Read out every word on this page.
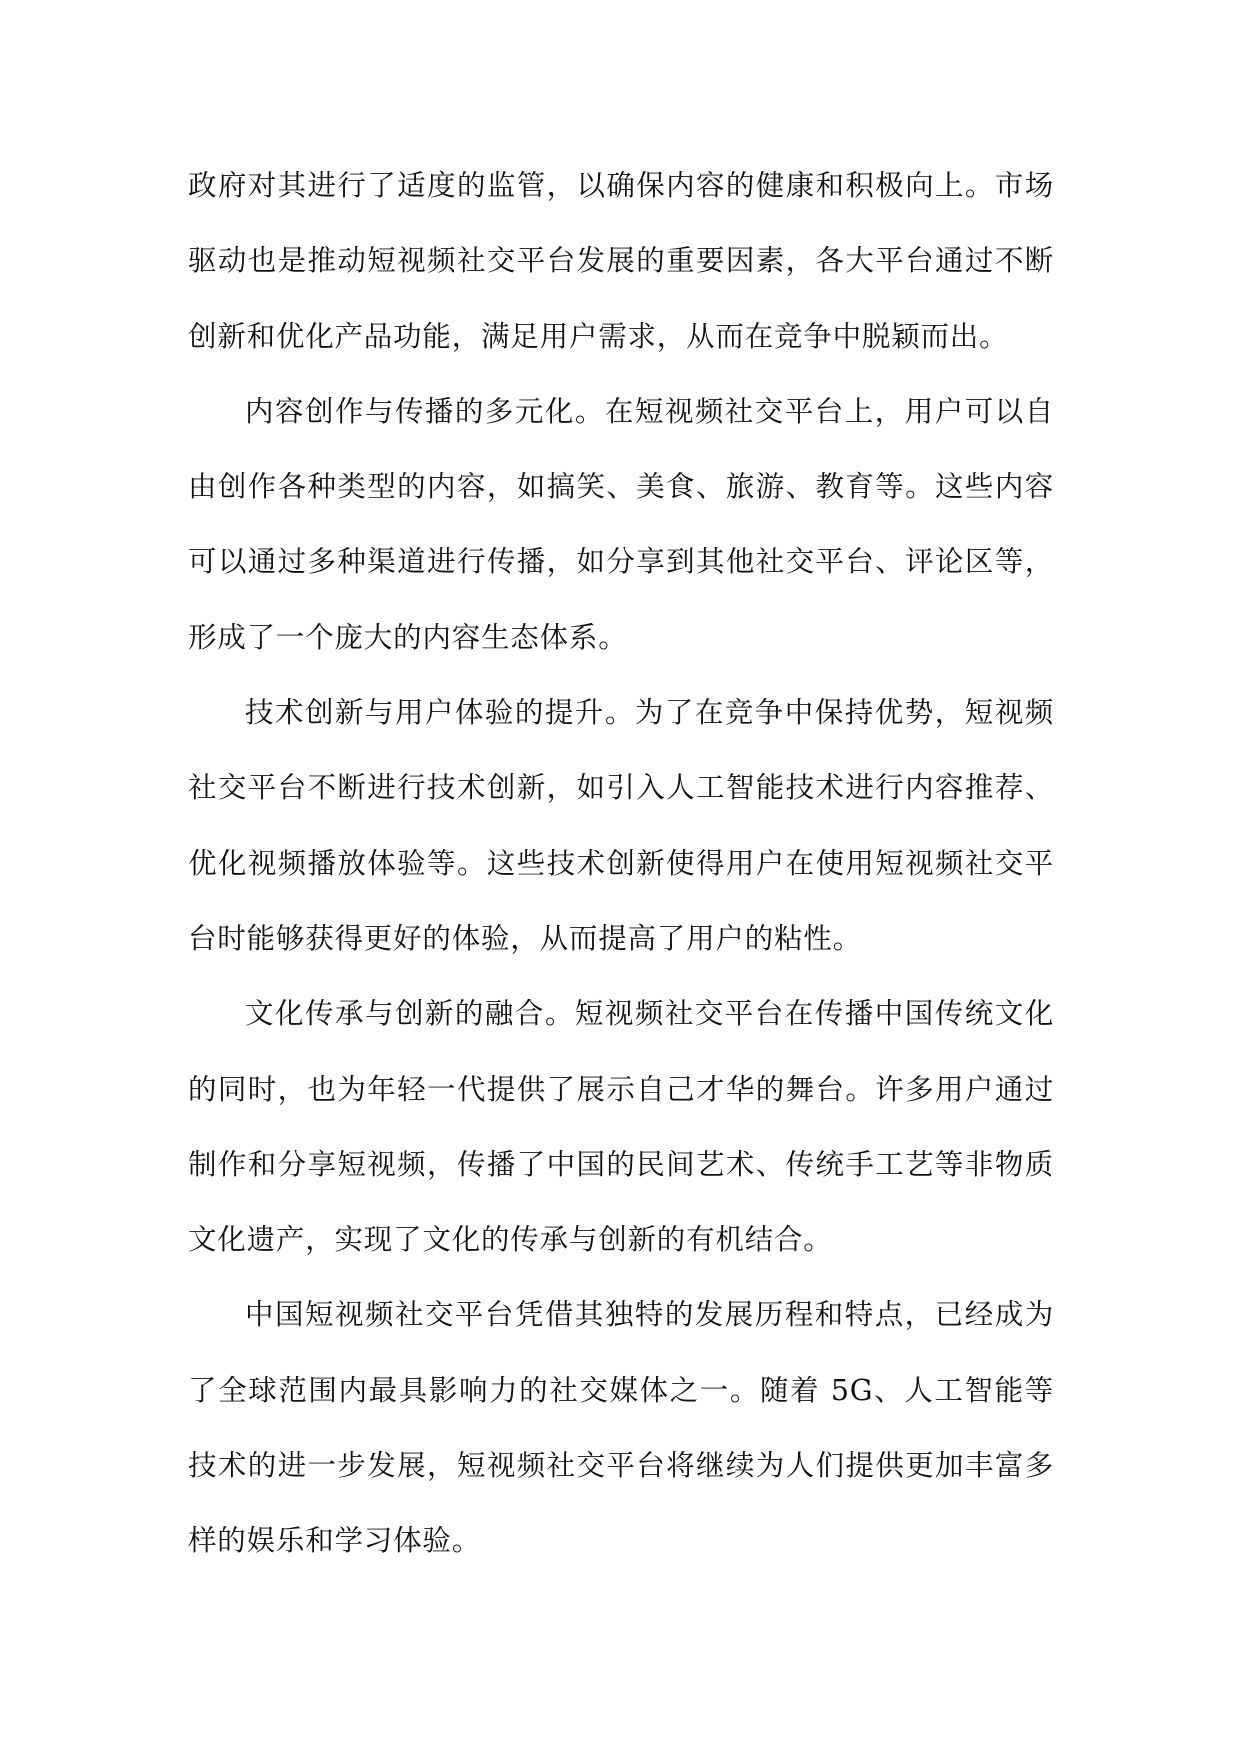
政府对其进行了适度的监管，以确保内容的健康和积极向上。市场驱动也是推动短视频社交平台发展的重要因素，各大平台通过不断创新和优化产品功能，满足用户需求，从而在竞争中脱颖而出。

内容创作与传播的多元化。在短视频社交平台上，用户可以自由创作各种类型的内容，如搞笑、美食、旅游、教育等。这些内容可以通过多种渠道进行传播，如分享到其他社交平台、评论区等，形成了一个庞大的内容生态体系。

技术创新与用户体验的提升。为了在竞争中保持优势，短视频社交平台不断进行技术创新，如引入人工智能技术进行内容推荐、优化视频播放体验等。这些技术创新使得用户在使用短视频社交平台时能够获得更好的体验，从而提高了用户的粘性。

文化传承与创新的融合。短视频社交平台在传播中国传统文化的同时，也为年轻一代提供了展示自己才华的舞台。许多用户通过制作和分享短视频，传播了中国的民间艺术、传统手工艺等非物质文化遗产，实现了文化的传承与创新的有机结合。

中国短视频社交平台凭借其独特的发展历程和特点，已经成为了全球范围内最具影响力的社交媒体之一。随着 5G、人工智能等技术的进一步发展，短视频社交平台将继续为人们提供更加丰富多样的娱乐和学习体验。
